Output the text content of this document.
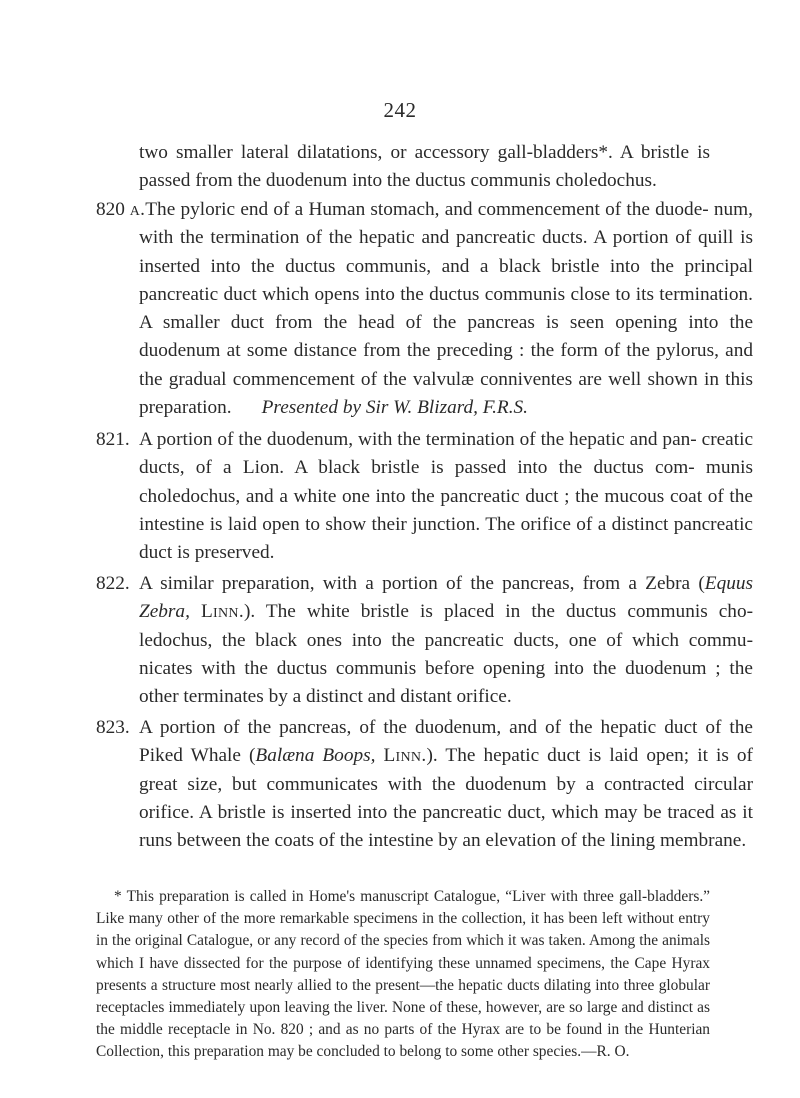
242

two smaller lateral dilatations, or accessory gall-bladders*. A bristle is passed from the duodenum into the ductus communis choledochus.

820 a.The pyloric end of a Human stomach, and commencement of the duode- num, with the termination of the hepatic and pancreatic ducts. A portion of quill is inserted into the ductus communis, and a black bristle into the principal pancreatic duct which opens into the ductus communis close to its termination. A smaller duct from the head of the pancreas is seen opening into the duodenum at some distance from the preceding : the form of the pylorus, and the gradual commencement of the valvulæ conniventes are well shown in this preparation. Presented by Sir W. Blizard, F.R.S.

821. A portion of the duodenum, with the termination of the hepatic and pan- creatic ducts, of a Lion. A black bristle is passed into the ductus com- munis choledochus, and a white one into the pancreatic duct ; the mucous coat of the intestine is laid open to show their junction. The orifice of a distinct pancreatic duct is preserved.

822. A similar preparation, with a portion of the pancreas, from a Zebra (Equus Zebra, Linn.). The white bristle is placed in the ductus communis cho- ledochus, the black ones into the pancreatic ducts, one of which commu- nicates with the ductus communis before opening into the duodenum ; the other terminates by a distinct and distant orifice.

823. A portion of the pancreas, of the duodenum, and of the hepatic duct of the Piked Whale (Balæna Boops, Linn.). The hepatic duct is laid open; it is of great size, but communicates with the duodenum by a contracted circular orifice. A bristle is inserted into the pancreatic duct, which may be traced as it runs between the coats of the intestine by an elevation of the lining membrane.

* This preparation is called in Home's manuscript Catalogue, “Liver with three gall-bladders.” Like many other of the more remarkable specimens in the collection, it has been left without entry in the original Catalogue, or any record of the species from which it was taken. Among the animals which I have dissected for the purpose of identifying these unnamed specimens, the Cape Hyrax presents a structure most nearly allied to the present—the hepatic ducts dilating into three globular receptacles immediately upon leaving the liver. None of these, however, are so large and distinct as the middle receptacle in No. 820 ; and as no parts of the Hyrax are to be found in the Hunterian Collection, this preparation may be concluded to belong to some other species.—R. O.
